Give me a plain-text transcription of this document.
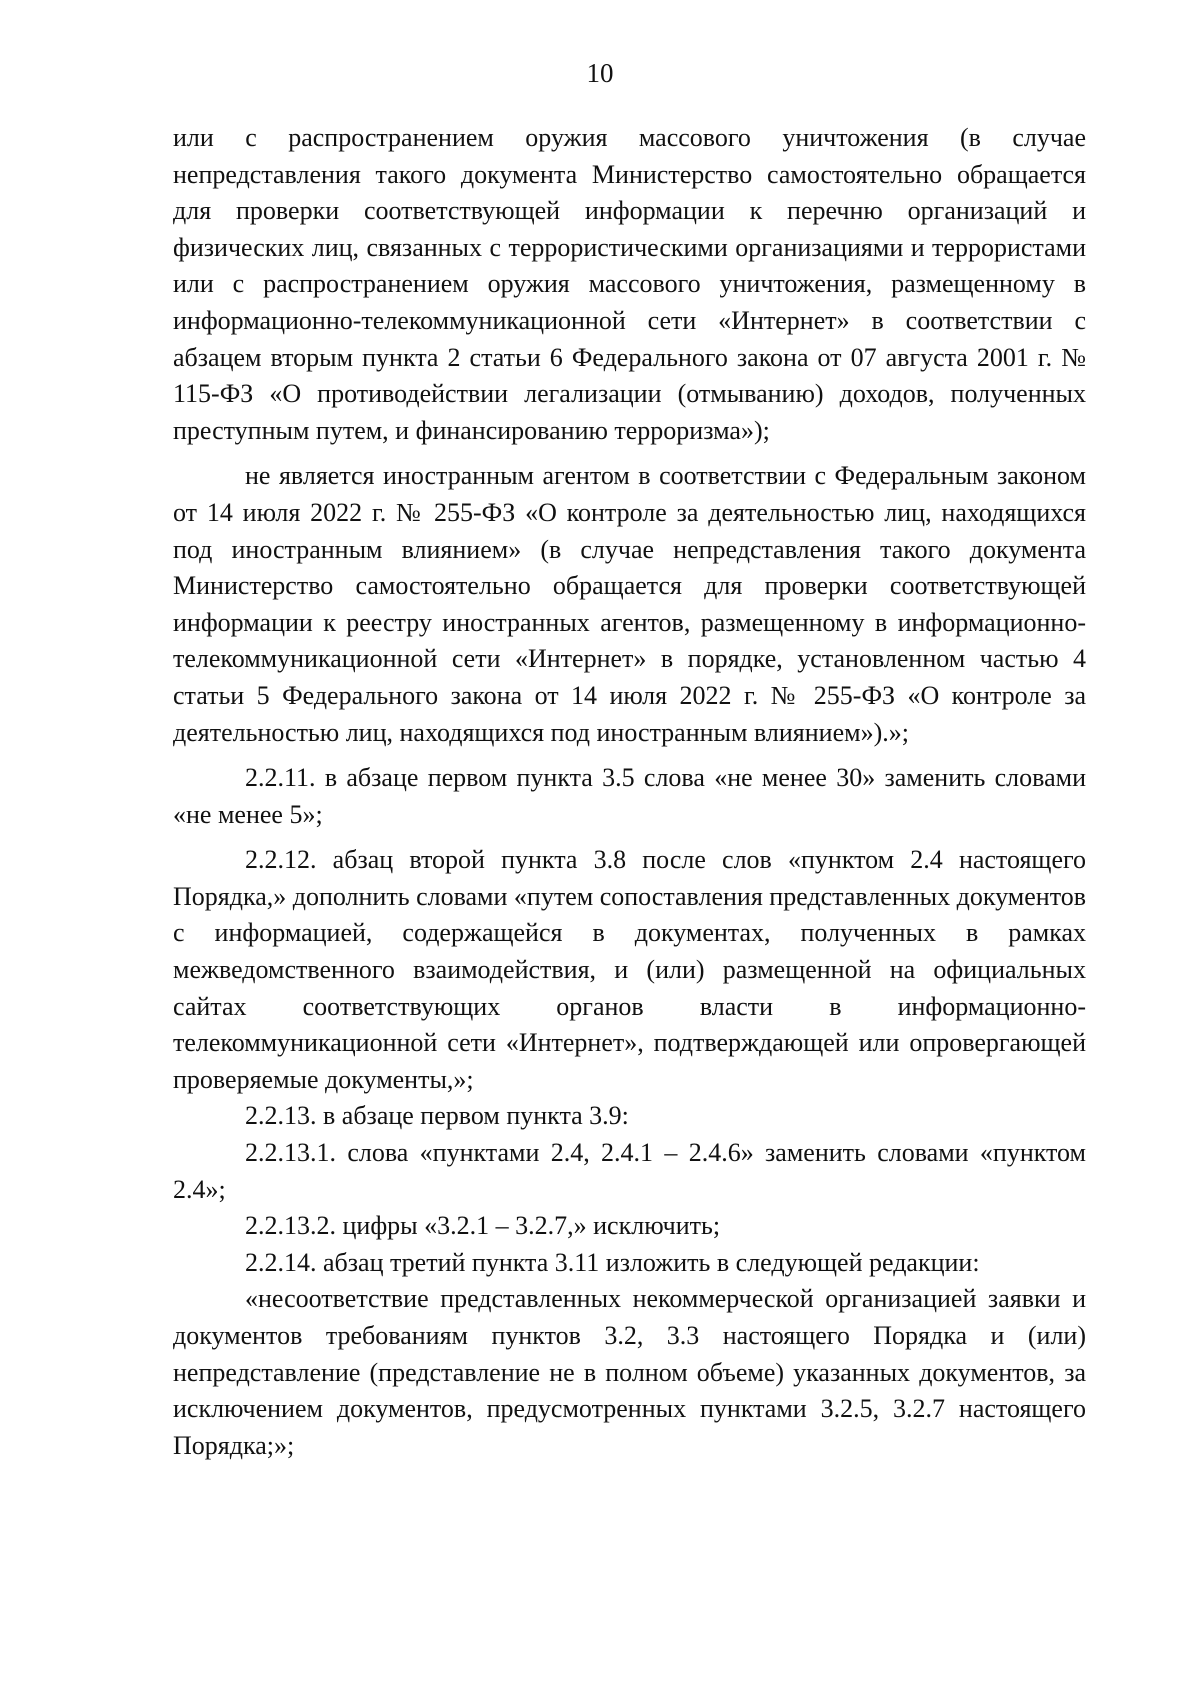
10

или с распространением оружия массового уничтожения (в случае непредставления такого документа Министерство самостоятельно обращается для проверки соответствующей информации к перечню организаций и физических лиц, связанных с террористическими организациями и террористами или с распространением оружия массового уничтожения, размещенному в информационно-телекоммуникационной сети «Интернет» в соответствии с абзацем вторым пункта 2 статьи 6 Федерального закона от 07 августа 2001 г. № 115-ФЗ «О противодействии легализации (отмыванию) доходов, полученных преступным путем, и финансированию терроризма»);

не является иностранным агентом в соответствии с Федеральным законом от 14 июля 2022 г. № 255-ФЗ «О контроле за деятельностью лиц, находящихся под иностранным влиянием» (в случае непредставления такого документа Министерство самостоятельно обращается для проверки соответствующей информации к реестру иностранных агентов, размещенному в информационно-телекоммуникационной сети «Интернет» в порядке, установленном частью 4 статьи 5 Федерального закона от 14 июля 2022 г. № 255-ФЗ «О контроле за деятельностью лиц, находящихся под иностранным влиянием»).»;

2.2.11. в абзаце первом пункта 3.5 слова «не менее 30» заменить словами «не менее 5»;

2.2.12. абзац второй пункта 3.8 после слов «пунктом 2.4 настоящего Порядка,» дополнить словами «путем сопоставления представленных документов с информацией, содержащейся в документах, полученных в рамках межведомственного взаимодействия, и (или) размещенной на официальных сайтах соответствующих органов власти в информационно-телекоммуникационной сети «Интернет», подтверждающей или опровергающей проверяемые документы,»;

2.2.13. в абзаце первом пункта 3.9:

2.2.13.1. слова «пунктами 2.4, 2.4.1 – 2.4.6» заменить словами «пунктом 2.4»;

2.2.13.2. цифры «3.2.1 – 3.2.7,» исключить;

2.2.14. абзац третий пункта 3.11 изложить в следующей редакции:

«несоответствие представленных некоммерческой организацией заявки и документов требованиям пунктов 3.2, 3.3 настоящего Порядка и (или) непредставление (представление не в полном объеме) указанных документов, за исключением документов, предусмотренных пунктами 3.2.5, 3.2.7 настоящего Порядка;»;
